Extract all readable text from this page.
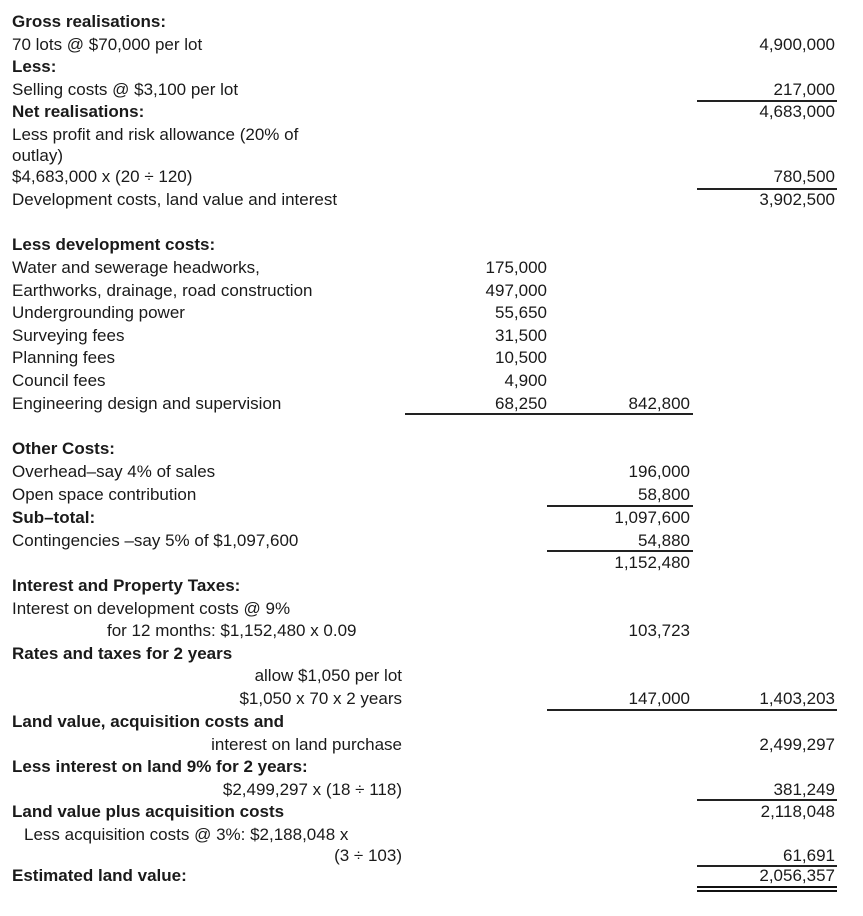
Gross realisations:
70 lots @ $70,000 per lot	4,900,000
Less:
Selling costs @ $3,100 per lot	217,000
Net realisations:	4,683,000
Less profit and risk allowance (20% of
outlay)
$4,683,000 x (20 ÷ 120)	780,500
Development costs, land value and interest	3,902,500
Less development costs:
Water and sewerage headworks,	175,000
Earthworks, drainage, road construction	497,000
Undergrounding power	55,650
Surveying fees	31,500
Planning fees	10,500
Council fees	4,900
Engineering design and supervision	68,250	842,800
Other Costs:
Overhead–say 4% of sales	196,000
Open space contribution	58,800
Sub–total:	1,097,600
Contingencies –say 5% of $1,097,600	54,880
1,152,480
Interest and Property Taxes:
Interest on development costs @ 9%
for 12 months: $1,152,480 x 0.09	103,723
Rates and taxes for 2 years
allow $1,050 per lot
$1,050 x 70 x 2 years	147,000	1,403,203
Land value, acquisition costs and
interest on land purchase	2,499,297
Less interest on land 9% for 2 years:
$2,499,297 x (18 ÷ 118)	381,249
Land value plus acquisition costs	2,118,048
Less acquisition costs @ 3%: $2,188,048 x
(3 ÷ 103)	61,691
Estimated land value:	2,056,357
